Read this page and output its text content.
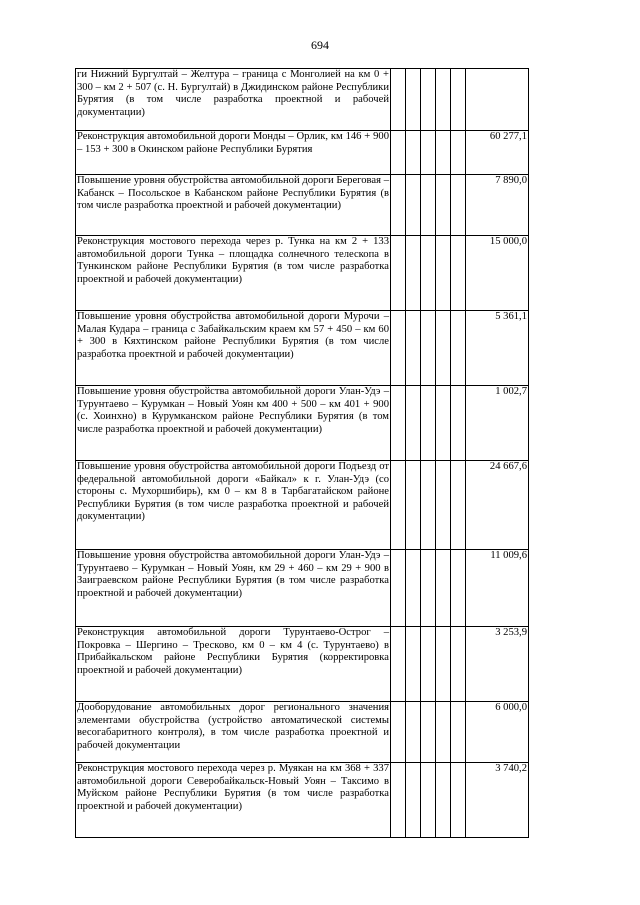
694
ги Нижний Бургултай – Желтура – граница с Монголией на км 0 + 300 – км 2 + 507 (с. Н. Бургултай) в Джидинском районе Республики Бурятия (в том числе разработка проектной и рабочей документации)						
Реконструкция автомобильной дороги Монды – Орлик, км 146 + 900 – 153 + 300 в Окинском районе Республики Бурятия						60 277,1
Повышение уровня обустройства автомобильной дороги Береговая – Кабанск – Посольское в Кабанском районе Республики Бурятия (в том числе разработка проектной и рабочей документации)						7 890,0
Реконструкция мостового перехода через р. Тунка на км 2 + 133 автомобильной дороги Тунка – площадка солнечного телескопа в Тункинском районе Республики Бурятия (в том числе разработка проектной и рабочей документации)						15 000,0
Повышение уровня обустройства автомобильной дороги Мурочи – Малая Кудара – граница с Забайкальским краем км 57 + 450 – км 60 + 300 в Кяхтинском районе Республики Бурятия (в том числе разработка проектной и рабочей документации)						5 361,1
Повышение уровня обустройства автомобильной дороги Улан-Удэ – Турунтаево – Курумкан – Новый Уоян км 400 + 500 – км 401 + 900 (с. Хоинхно) в Курумканском районе Республики Бурятия (в том числе разработка проектной и рабочей документации)						1 002,7
Повышение уровня обустройства автомобильной дороги Подъезд от федеральной автомобильной дороги «Байкал» к г. Улан-Удэ (со стороны с. Мухоршибирь), км 0 – км 8 в Тарбагатайском районе Республики Бурятия (в том числе разработка проектной и рабочей документации)						24 667,6
Повышение уровня обустройства автомобильной дороги Улан-Удэ – Турунтаево – Курумкан – Новый Уоян, км 29 + 460 – км 29 + 900 в Заиграевском районе Республики Бурятия (в том числе разработка проектной и рабочей документации)						11 009,6
Реконструкция автомобильной дороги Турунтаево-Острог – Покровка – Шергино – Тресково, км 0 – км 4 (с. Турунтаево) в Прибайкальском районе Республики Бурятия (корректировка проектной и рабочей документации)						3 253,9
Дооборудование автомобильных дорог регионального значения элементами обустройства (устройство автоматической системы весогабаритного контроля), в том числе разработка проектной и рабочей документации						6 000,0
Реконструкция мостового перехода через р. Муякан на км 368 + 337 автомобильной дороги Северобайкальск-Новый Уоян – Таксимо в Муйском районе Республики Бурятия (в том числе разработка проектной и рабочей документации)						3 740,2
